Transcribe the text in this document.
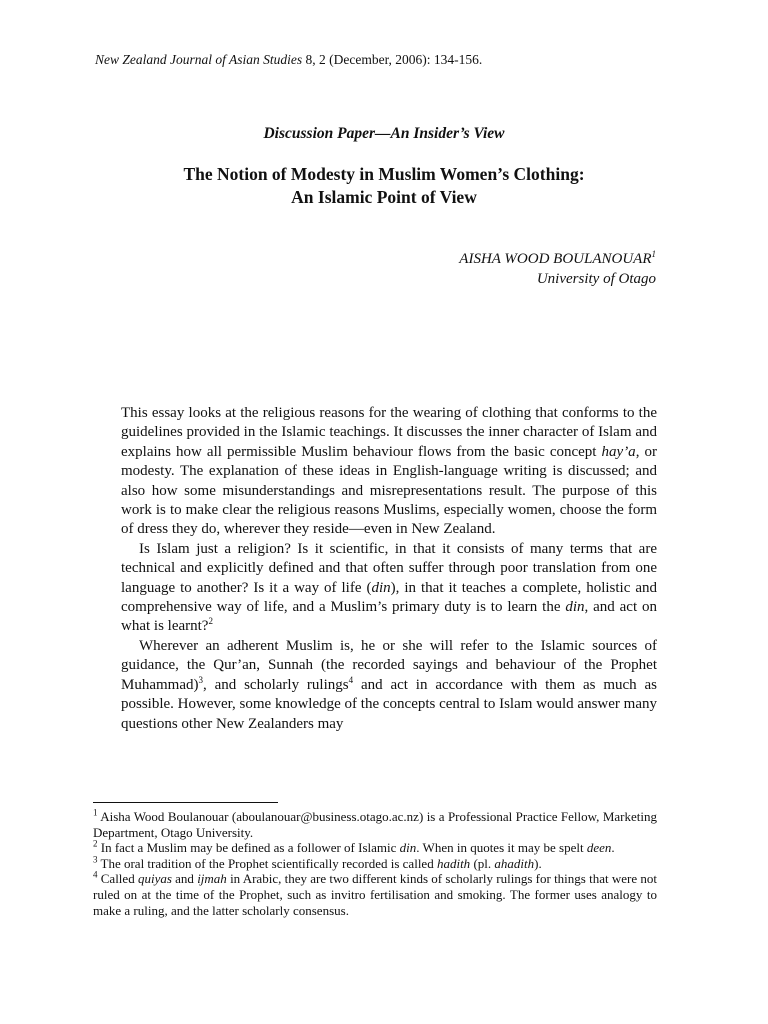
New Zealand Journal of Asian Studies 8, 2 (December, 2006): 134-156.
Discussion Paper—An Insider’s View
The Notion of Modesty in Muslim Women’s Clothing:
An Islamic Point of View
AISHA WOOD BOULANOUAR$^1$
University of Otago

This essay looks at the religious reasons for the wearing of clothing that conforms to the guidelines provided in the Islamic teachings. It discusses the inner character of Islam and explains how all permissible Muslim behaviour flows from the basic concept hay’a, or modesty. The explanation of these ideas in English-language writing is discussed; and also how some misunderstandings and misrepresentations result. The purpose of this work is to make clear the religious reasons Muslims, especially women, choose the form of dress they do, wherever they reside—even in New Zealand.

Is Islam just a religion? Is it scientific, in that it consists of many terms that are technical and explicitly defined and that often suffer through poor translation from one language to another? Is it a way of life (din), in that it teaches a complete, holistic and comprehensive way of life, and a Muslim’s primary duty is to learn the din, and act on what is learnt?$^2$

Wherever an adherent Muslim is, he or she will refer to the Islamic sources of guidance, the Qur’an, Sunnah (the recorded sayings and behaviour of the Prophet Muhammad)$^3$, and scholarly rulings$^4$ and act in accordance with them as much as possible. However, some knowledge of the concepts central to Islam would answer many questions other New Zealanders may

$^1$ Aisha Wood Boulanouar (aboulanouar@business.otago.ac.nz) is a Professional Practice Fellow, Marketing Department, Otago University.

$^2$ In fact a Muslim may be defined as a follower of Islamic din. When in quotes it may be spelt deen.

$^3$ The oral tradition of the Prophet scientifically recorded is called hadith (pl. ahadith).

$^4$ Called quiyas and ijmah in Arabic, they are two different kinds of scholarly rulings for things that were not ruled on at the time of the Prophet, such as invitro fertilisation and smoking. The former uses analogy to make a ruling, and the latter scholarly consensus.
